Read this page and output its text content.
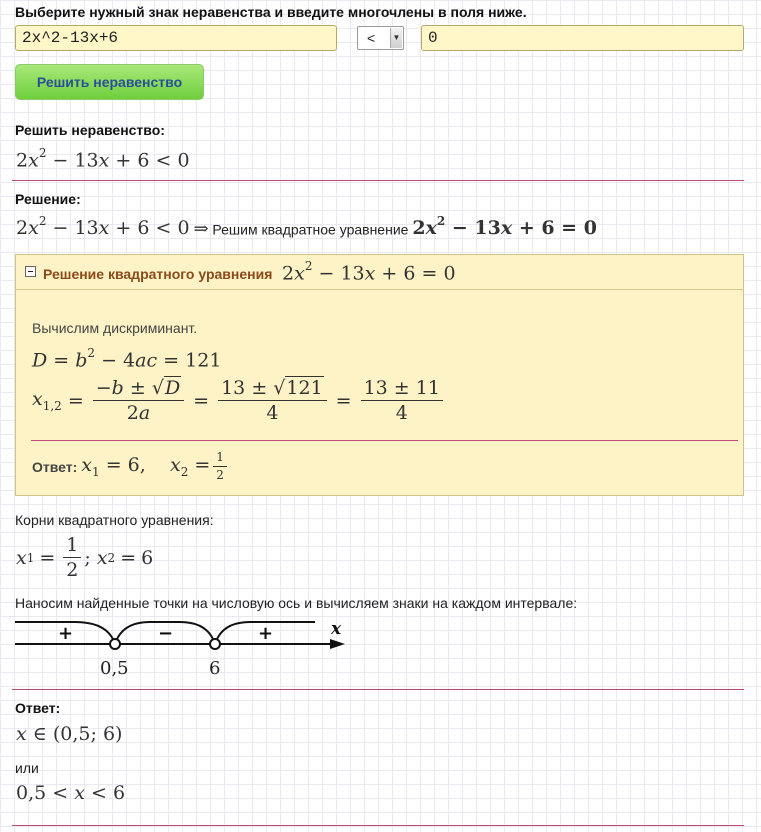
Выберите нужный знак неравенства и введите многочлены в поля ниже.
2x^2-13x+6
<	▼
0
Решить неравенство
Решить неравенство:
$2x^2 - 13x + 6 < 0$
Решение:
$2x^2 - 13x + 6 < 0$ ⇒ Решим квадратное уравнение $2x^2 - 13x + 6 = 0$
Решение квадратного уравнения $2x^2 - 13x + 6 = 0$
Вычислим дискриминант.
$D = b^2 - 4ac = 121$
$x_{1,2} = \frac{-b \pm √D}{2a} = \frac{13 \pm √121}{4} = \frac{13 \pm 11}{4}$
Ответ: $x_1 = 6$,    $x_2 = \frac{1}{2}$
Корни квадратного уравнения:
x $1 = \frac{1}{2}$ ; x 2 = 6
Наносим найденные точки на числовую ось и вычисляем знаки на каждом интервале:
+	−	+	x
0,5	6
Ответ:
x ∈ (0,5; 6)
или
0,5 < x < 6
